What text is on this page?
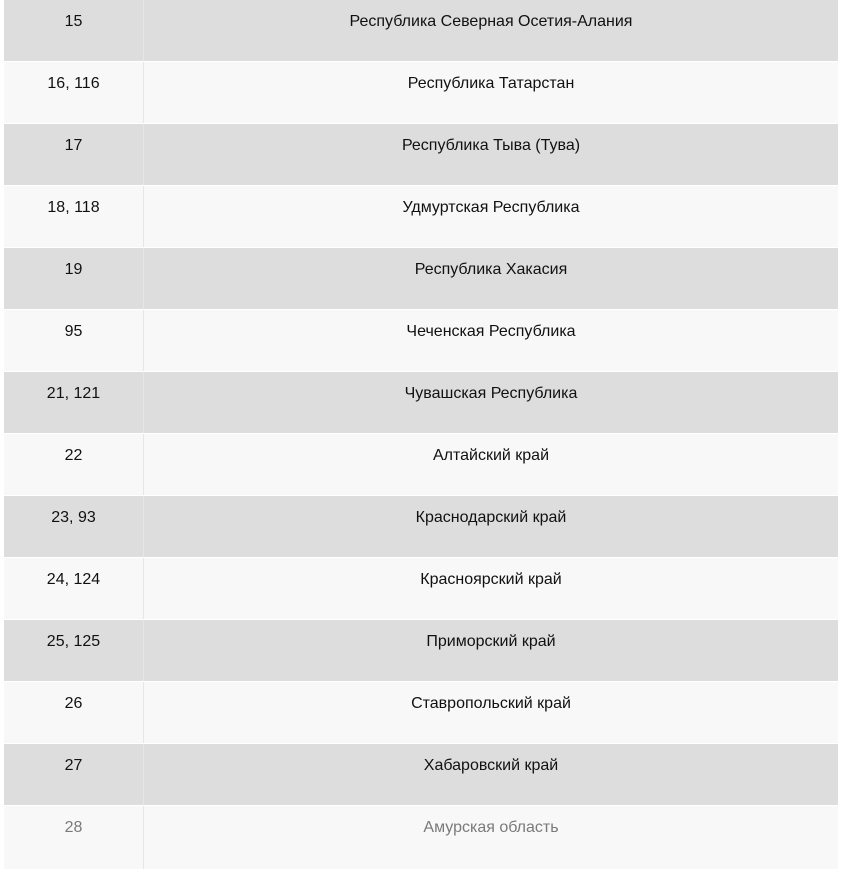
15	Республика Северная Осетия-Алания
16, 116	Республика Татарстан
17	Республика Тыва (Тува)
18, 118	Удмуртская Республика
19	Республика Хакасия
95	Чеченская Республика
21, 121	Чувашская Республика
22	Алтайский край
23, 93	Краснодарский край
24, 124	Красноярский край
25, 125	Приморский край
26	Ставропольский край
27	Хабаровский край
28	Амурская область
